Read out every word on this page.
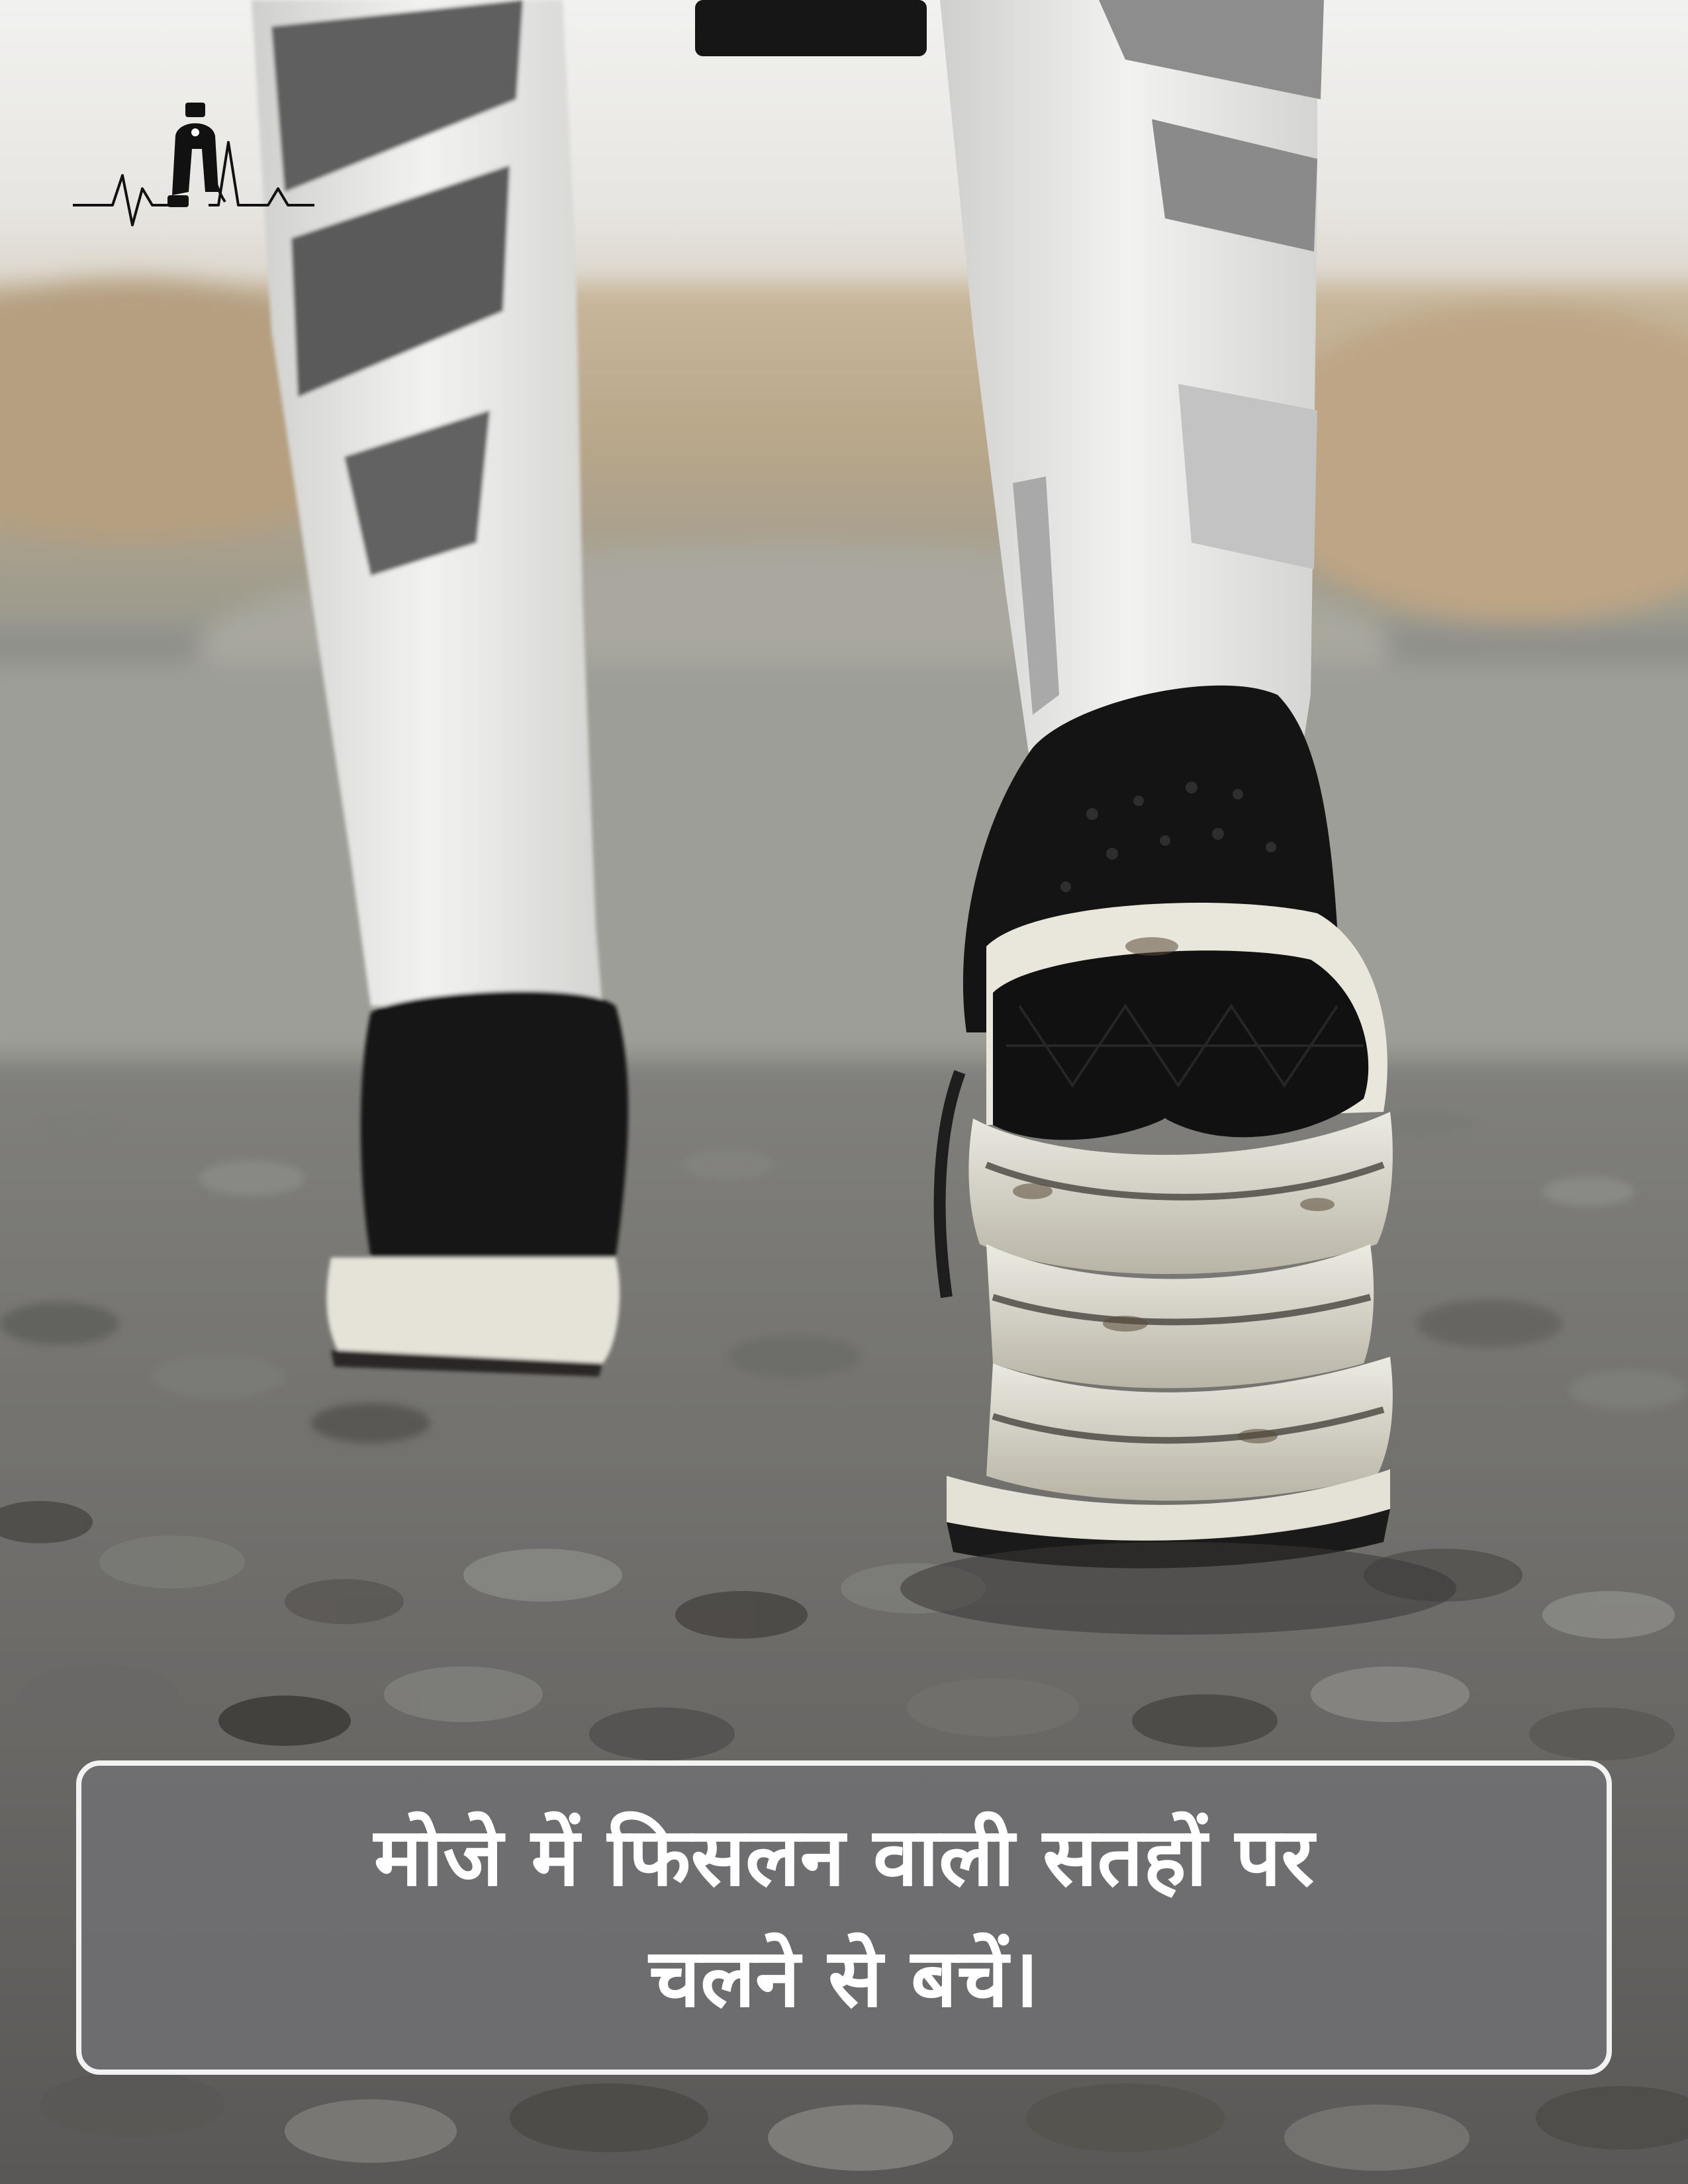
मोजे में फिसलन वाली सतहों पर
चलने से बचें।
